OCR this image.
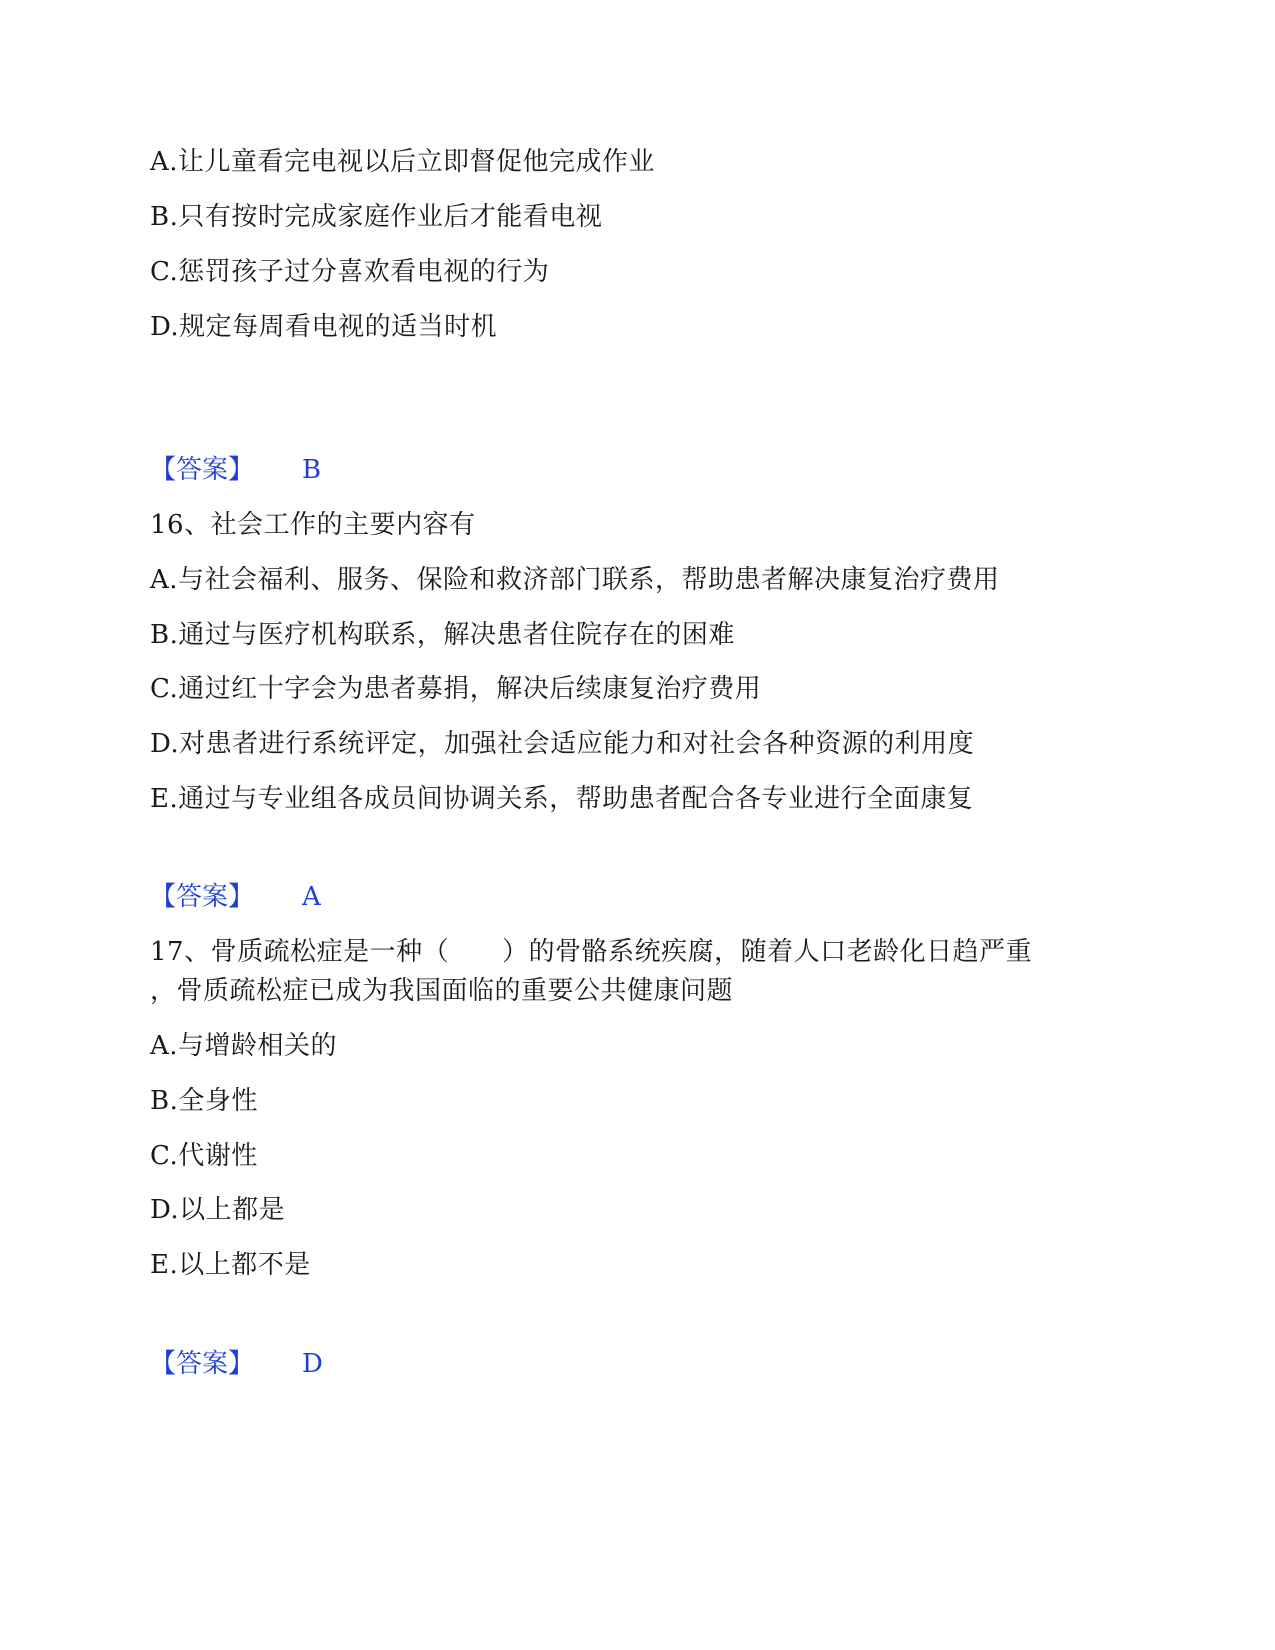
A.让儿童看完电视以后立即督促他完成作业
B.只有按时完成家庭作业后才能看电视
C.惩罚孩子过分喜欢看电视的行为
D.规定每周看电视的适当时机
【答案】 B
16、社会工作的主要内容有
A.与社会福利、服务、保险和救济部门联系，帮助患者解决康复治疗费用
B.通过与医疗机构联系，解决患者住院存在的困难
C.通过红十字会为患者募捐，解决后续康复治疗费用
D.对患者进行系统评定，加强社会适应能力和对社会各种资源的利用度
E.通过与专业组各成员间协调关系，帮助患者配合各专业进行全面康复
【答案】 A
17、骨质疏松症是一种（　　）的骨骼系统疾腐，随着人口老龄化日趋严重
，骨质疏松症已成为我国面临的重要公共健康问题
A.与增龄相关的
B.全身性
C.代谢性
D.以上都是
E.以上都不是
【答案】 D
